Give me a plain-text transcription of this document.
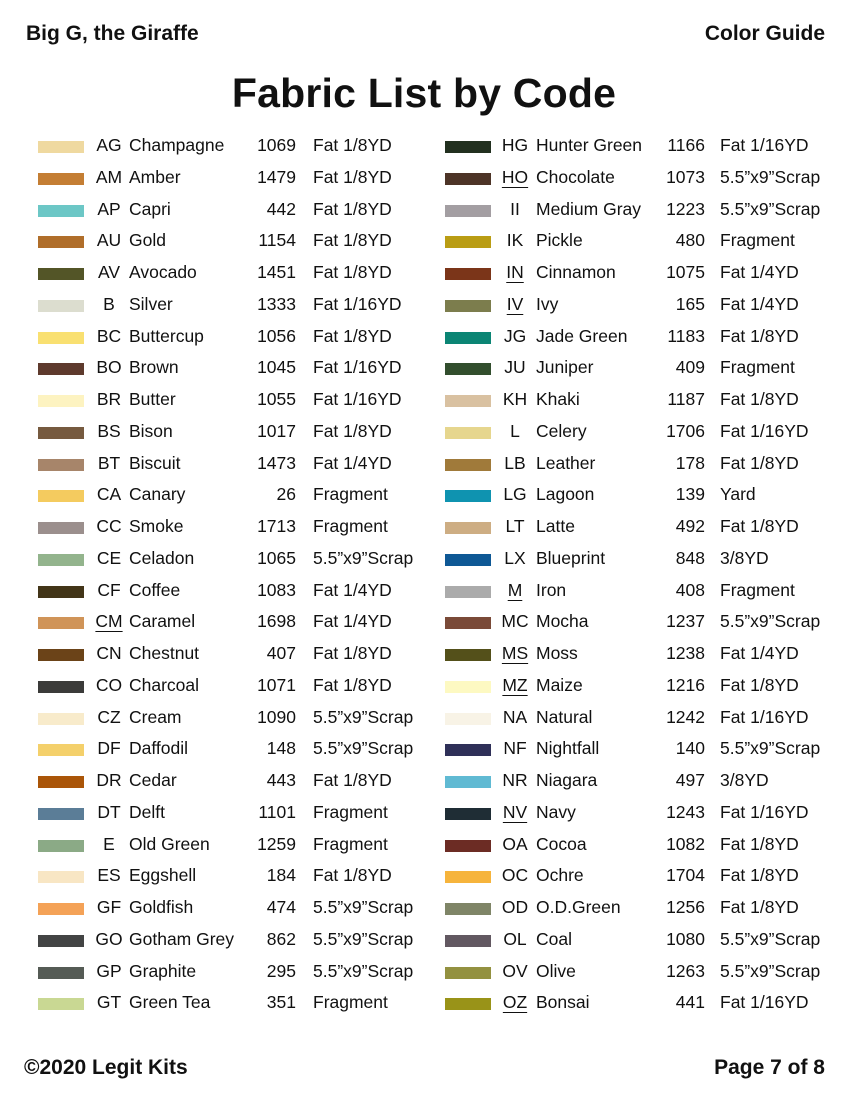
Big G, the Giraffe	Color Guide
Fabric List by Code
AG Champagne	1069 Fat 1/8YD
AM Amber	1479 Fat 1/8YD
AP Capri	442 Fat 1/8YD
AU Gold	1154 Fat 1/8YD
AV Avocado	1451 Fat 1/8YD
B Silver	1333 Fat 1/16YD
BC Buttercup	1056 Fat 1/8YD
BO Brown	1045 Fat 1/16YD
BR Butter	1055 Fat 1/16YD
BS Bison	1017 Fat 1/8YD
BT Biscuit	1473 Fat 1/4YD
CA Canary	26 Fragment
CC Smoke	1713 Fragment
CE Celadon	1065 5.5”x9”Scrap
CF Coffee	1083 Fat 1/4YD
CM Caramel	1698 Fat 1/4YD
CN Chestnut	407 Fat 1/8YD
CO Charcoal	1071 Fat 1/8YD
CZ Cream	1090 5.5”x9”Scrap
DF Daffodil	148 5.5”x9”Scrap
DR Cedar	443 Fat 1/8YD
DT Delft	1101 Fragment
E Old Green	1259 Fragment
ES Eggshell	184 Fat 1/8YD
GF Goldfish	474 5.5”x9”Scrap
GO Gotham Grey	862 5.5”x9”Scrap
GP Graphite	295 5.5”x9”Scrap
GT Green Tea	351 Fragment
HG Hunter Green	1166 Fat 1/16YD
HO Chocolate	1073 5.5”x9”Scrap
II Medium Gray	1223 5.5”x9”Scrap
IK Pickle	480 Fragment
IN Cinnamon	1075 Fat 1/4YD
IV Ivy	165 Fat 1/4YD
JG Jade Green	1183 Fat 1/8YD
JU Juniper	409 Fragment
KH Khaki	1187 Fat 1/8YD
L Celery	1706 Fat 1/16YD
LB Leather	178 Fat 1/8YD
LG Lagoon	139 Yard
LT Latte	492 Fat 1/8YD
LX Blueprint	848 3/8YD
M Iron	408 Fragment
MC Mocha	1237 5.5”x9”Scrap
MS Moss	1238 Fat 1/4YD
MZ Maize	1216 Fat 1/8YD
NA Natural	1242 Fat 1/16YD
NF Nightfall	140 5.5”x9”Scrap
NR Niagara	497 3/8YD
NV Navy	1243 Fat 1/16YD
OA Cocoa	1082 Fat 1/8YD
OC Ochre	1704 Fat 1/8YD
OD O.D.Green	1256 Fat 1/8YD
OL Coal	1080 5.5”x9”Scrap
OV Olive	1263 5.5”x9”Scrap
OZ Bonsai	441 Fat 1/16YD
©2020 Legit Kits	Page 7 of 8
